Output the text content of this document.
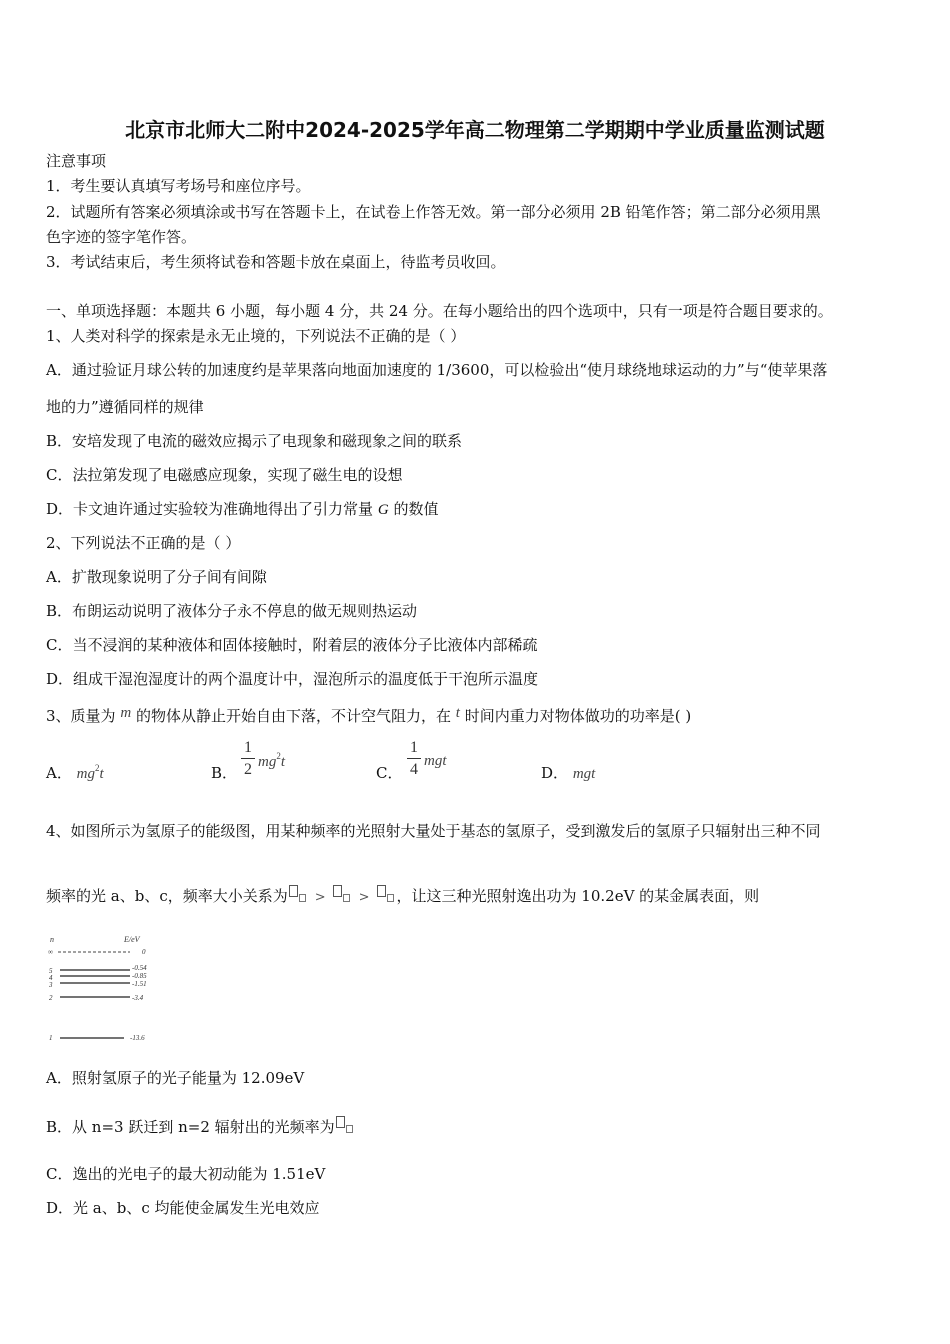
北京市北师大二附中2024-2025学年高二物理第二学期期中学业质量监测试题
注意事项
1．考生要认真填写考场号和座位序号。
2．试题所有答案必须填涂或书写在答题卡上，在试卷上作答无效。第一部分必须用 2B 铅笔作答；第二部分必须用黑
色字迹的签字笔作答。
3．考试结束后，考生须将试卷和答题卡放在桌面上，待监考员收回。
一、单项选择题：本题共 6 小题，每小题 4 分，共 24 分。在每小题给出的四个选项中，只有一项是符合题目要求的。
1、人类对科学的探索是永无止境的，下列说法不正确的是（ ）
A．通过验证月球公转的加速度约是苹果落向地面加速度的 1/3600，可以检验出“使月球绕地球运动的力”与“使苹果落
地的力”遵循同样的规律
B．安培发现了电流的磁效应揭示了电现象和磁现象之间的联系
C．法拉第发现了电磁感应现象，实现了磁生电的设想
D．卡文迪许通过实验较为准确地得出了引力常量 G 的数值
2、下列说法不正确的是（ ）
A．扩散现象说明了分子间有间隙
B．布朗运动说明了液体分子永不停息的做无规则热运动
C．当不浸润的某种液体和固体接触时，附着层的液体分子比液体内部稀疏
D．组成干湿泡湿度计的两个温度计中，湿泡所示的温度低于干泡所示温度
3、质量为 m 的物体从静止开始自由下落，不计空气阻力，在 t 时间内重力对物体做功的功率是( )
A． $mg^2t$	B．
1
2 $mg^2t$
C．
1
4 mgt
D． mgt
4、如图所示为氢原子的能级图，用某种频率的光照射大量处于基态的氢原子，受到激发后的氢原子只辐射出三种不同
频率的光 a、b、c，频率大小关系为 >	> ，让这三种光照射逸出功为 10.2eV 的某金属表面，则
n	E/eV
∞	0
5	-0.54
4	-0.85
3	-1.51
2	-3.4
1	-13.6
A．照射氢原子的光子能量为 12.09eV
B．从 n=3 跃迁到 n=2 辐射出的光频率为
C．逸出的光电子的最大初动能为 1.51eV
D．光 a、b、c 均能使金属发生光电效应
